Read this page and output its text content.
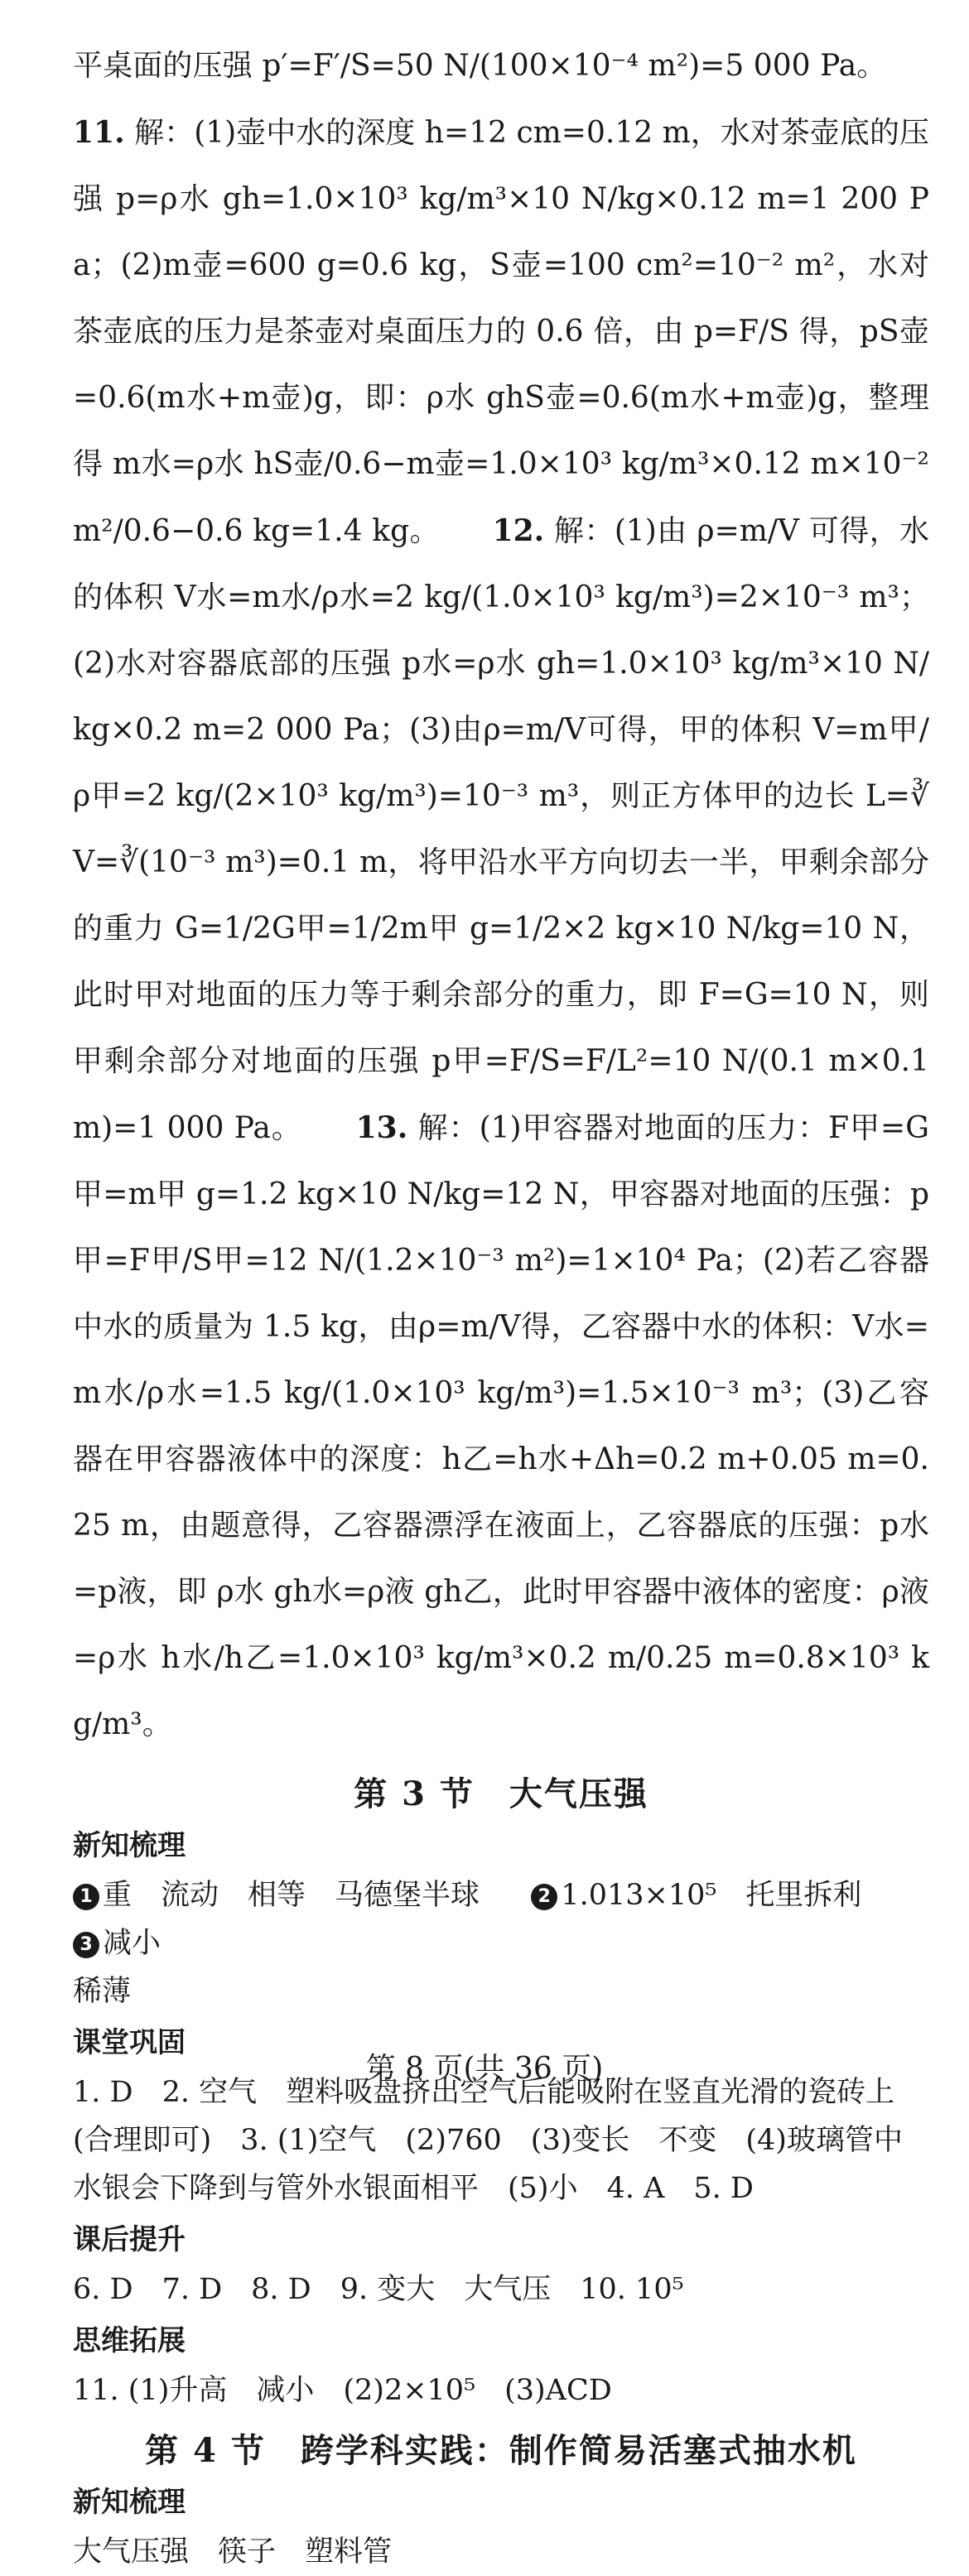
平桌面的压强 p′=F′/S=50 N/(100×10⁻⁴ m²)=5 000 Pa。  11. 解：(1)壶中水的深度 h=12 cm=0.12 m，水对茶壶底的压强 p=ρ水 gh=1.0×10³ kg/m³×10 N/kg×0.12 m=1 200 Pa；(2)m壶=600 g=0.6 kg，S壶=100 cm²=10⁻² m²，水对茶壶底的压力是茶壶对桌面压力的 0.6 倍，由 p=F/S 得，pS壶=0.6(m水+m壶)g，即：ρ水 ghS壶=0.6(m水+m壶)g，整理得 m水=ρ水 hS壶/0.6−m壶=1.0×10³ kg/m³×0.12 m×10⁻² m²/0.6−0.6 kg=1.4 kg。 12. 解：(1)由 ρ=m/V 可得，水的体积 V水=m水/ρ水=2 kg/(1.0×10³ kg/m³)=2×10⁻³ m³；(2)水对容器底部的压强 p水=ρ水 gh=1.0×10³ kg/m³×10 N/kg×0.2 m=2 000 Pa；(3)由ρ=m/V可得，甲的体积 V=m甲/ρ甲=2 kg/(2×10³ kg/m³)=10⁻³ m³，则正方体甲的边长 L=∛V=∛(10⁻³ m³)=0.1 m，将甲沿水平方向切去一半，甲剩余部分的重力 G=1/2G甲=1/2m甲 g=1/2×2 kg×10 N/kg=10 N，此时甲对地面的压力等于剩余部分的重力，即 F=G=10 N，则甲剩余部分对地面的压强 p甲=F/S=F/L²=10 N/(0.1 m×0.1 m)=1 000 Pa。 13. 解：(1)甲容器对地面的压力：F甲=G甲=m甲 g=1.2 kg×10 N/kg=12 N，甲容器对地面的压强：p甲=F甲/S甲=12 N/(1.2×10⁻³ m²)=1×10⁴ Pa；(2)若乙容器中水的质量为 1.5 kg，由ρ=m/V得，乙容器中水的体积：V水=m水/ρ水=1.5 kg/(1.0×10³ kg/m³)=1.5×10⁻³ m³；(3)乙容器在甲容器液体中的深度：h乙=h水+Δh=0.2 m+0.05 m=0.25 m，由题意得，乙容器漂浮在液面上，乙容器底的压强：p水=p液，即 ρ水 gh水=ρ液 gh乙，此时甲容器中液体的密度：ρ液=ρ水 h水/h乙=1.0×10³ kg/m³×0.2 m/0.25 m=0.8×10³ kg/m³。

第 3 节　大气压强
新知梳理

1 重　流动　相等　马德堡半球	2 1.013×10⁵　托里拆利  3 减小
稀薄

课堂巩固

1. D　2. 空气　塑料吸盘挤出空气后能吸附在竖直光滑的瓷砖上(合理即可)　3. (1)空气　(2)760　(3)变长　不变　(4)玻璃管中水银会下降到与管外水银面相平　(5)小　4. A　5. D

课后提升

6. D　7. D　8. D　9. 变大　大气压　10. 10⁵

思维拓展

11. (1)升高　减小　(2)2×10⁵　(3)ACD

第 4 节　跨学科实践：制作简易活塞式抽水机
新知梳理

大气压强　筷子　塑料管

第 8 页(共 36 页)
